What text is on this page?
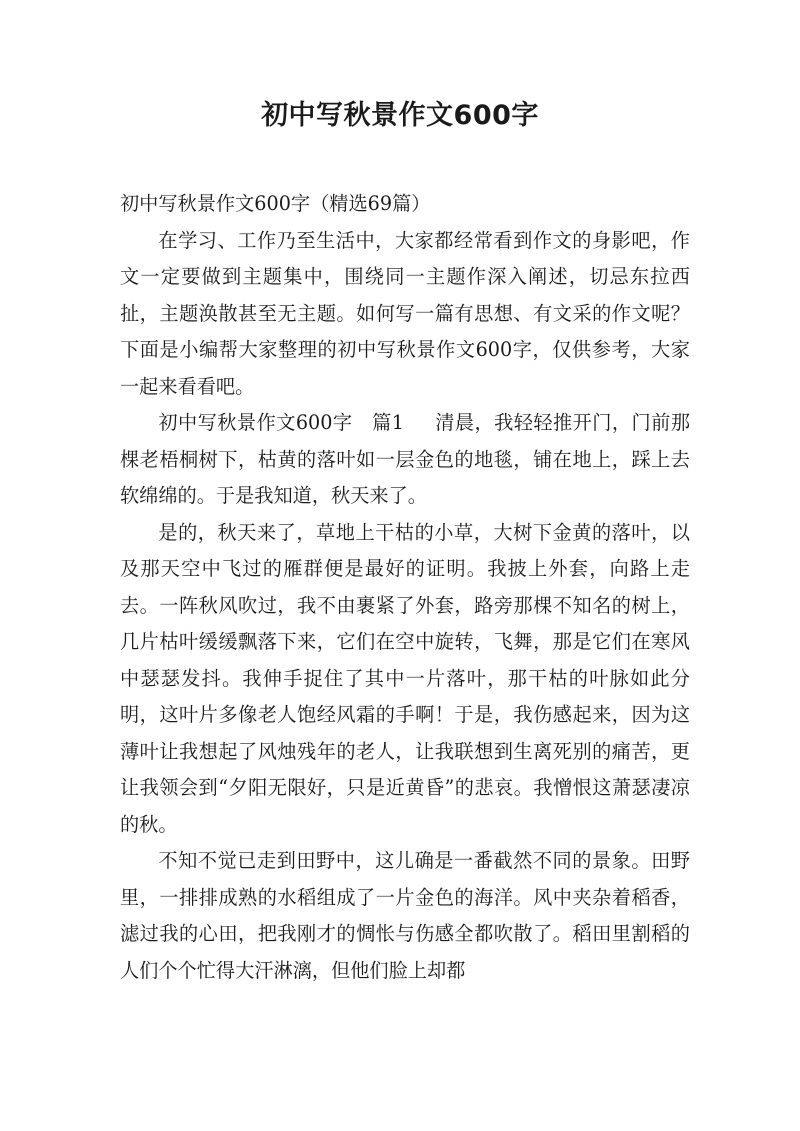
初中写秋景作文600字

初中写秋景作文600字（精选69篇）

在学习、工作乃至生活中，大家都经常看到作文的身影吧，作文一定要做到主题集中，围绕同一主题作深入阐述，切忌东拉西扯，主题涣散甚至无主题。如何写一篇有思想、有文采的作文呢？下面是小编帮大家整理的初中写秋景作文600字，仅供参考，大家一起来看看吧。

初中写秋景作文600字　篇1 清晨，我轻轻推开门，门前那棵老梧桐树下，枯黄的落叶如一层金色的地毯，铺在地上，踩上去软绵绵的。于是我知道，秋天来了。

是的，秋天来了，草地上干枯的小草，大树下金黄的落叶，以及那天空中飞过的雁群便是最好的证明。我披上外套，向路上走去。一阵秋风吹过，我不由裹紧了外套，路旁那棵不知名的树上，几片枯叶缓缓飘落下来，它们在空中旋转，飞舞，那是它们在寒风中瑟瑟发抖。我伸手捉住了其中一片落叶，那干枯的叶脉如此分明，这叶片多像老人饱经风霜的手啊！于是，我伤感起来，因为这薄叶让我想起了风烛残年的老人，让我联想到生离死别的痛苦，更让我领会到“夕阳无限好，只是近黄昏”的悲哀。我憎恨这萧瑟凄凉的秋。

不知不觉已走到田野中，这儿确是一番截然不同的景象。田野里，一排排成熟的水稻组成了一片金色的海洋。风中夹杂着稻香，滤过我的心田，把我刚才的惆怅与伤感全都吹散了。稻田里割稻的人们个个忙得大汗淋漓，但他们脸上却都
